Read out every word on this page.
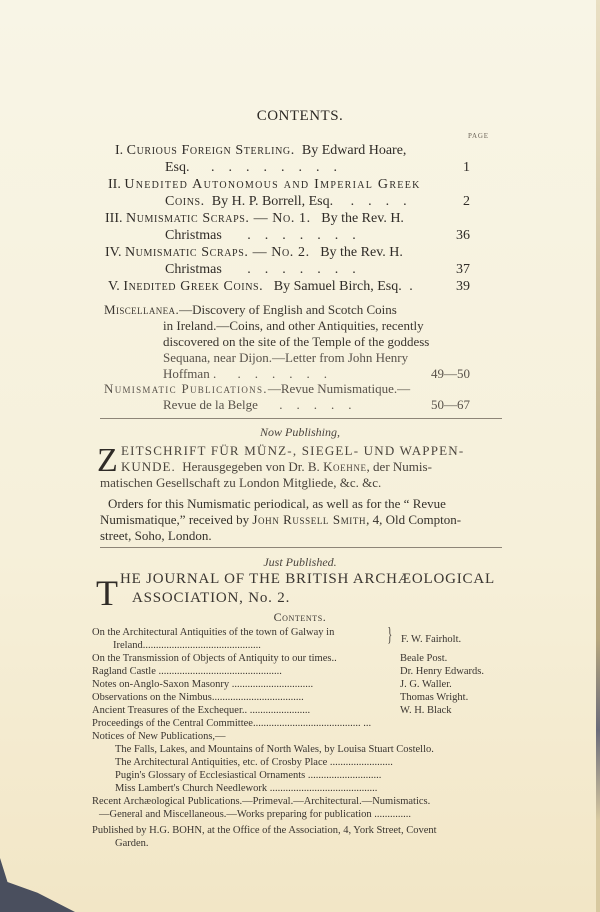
CONTENTS.
PAGE
I. Curious Foreign Sterling. By Edward Hoare,
Esq. ........	1
II. Unedited Autonomous and Imperial Greek
Coins. By H. P. Borrell, Esq. ....	2
III. Numismatic Scraps. — No. 1. By the Rev. H.
Christmas .......	36
IV. Numismatic Scraps. — No. 2. By the Rev. H.
Christmas .......	37
V. Inedited Greek Coins. By Samuel Birch, Esq. .	39
Miscellanea.—Discovery of English and Scotch Coins
in Ireland.—Coins, and other Antiquities, recently
discovered on the site of the Temple of the goddess
Sequana, near Dijon.—Letter from John Henry
Hoffman . ......	49—50
Numismatic Publications.—Revue Numismatique.—
Revue de la Belge .....	50—67
Now Publishing,
Z EITSCHRIFT FÜR MÜNZ-, SIEGEL- UND WAPPEN-
KUNDE. Herausgegeben von Dr. B. Koehne, der Numis-
matischen Gesellschaft zu London Mitgliede, &c. &c.
Orders for this Numismatic periodical, as well as for the “ Revue
Numismatique,” received by John Russell Smith, 4, Old Compton-
street, Soho, London.
Just Published.
T HE JOURNAL OF THE BRITISH ARCHÆOLOGICAL
ASSOCIATION, No. 2.
Contents.
On the Architectural Antiquities of the town of Galway in	} F. W. Fairholt.
Ireland.............................................
On the Transmission of Objects of Antiquity to our times..	Beale Post.
Ragland Castle ...............................................	Dr. Henry Edwards.
Notes on-Anglo-Saxon Masonry ...............................	J. G. Waller.
Observations on the Nimbus...................................	Thomas Wright.
Ancient Treasures of the Exchequer.. .......................	W. H. Black
Proceedings of the Central Committee......................................... ...
Notices of New Publications,—
The Falls, Lakes, and Mountains of North Wales, by Louisa Stuart Costello.
The Architectural Antiquities, etc. of Crosby Place ........................
Pugin's Glossary of Ecclesiastical Ornaments ............................
Miss Lambert's Church Needlework .........................................
Recent Archæological Publications.—Primeval.—Architectural.—Numismatics.
—General and Miscellaneous.—Works preparing for publication ..............
Published by H.G. BOHN, at the Office of the Association, 4, York Street, Covent
Garden.
